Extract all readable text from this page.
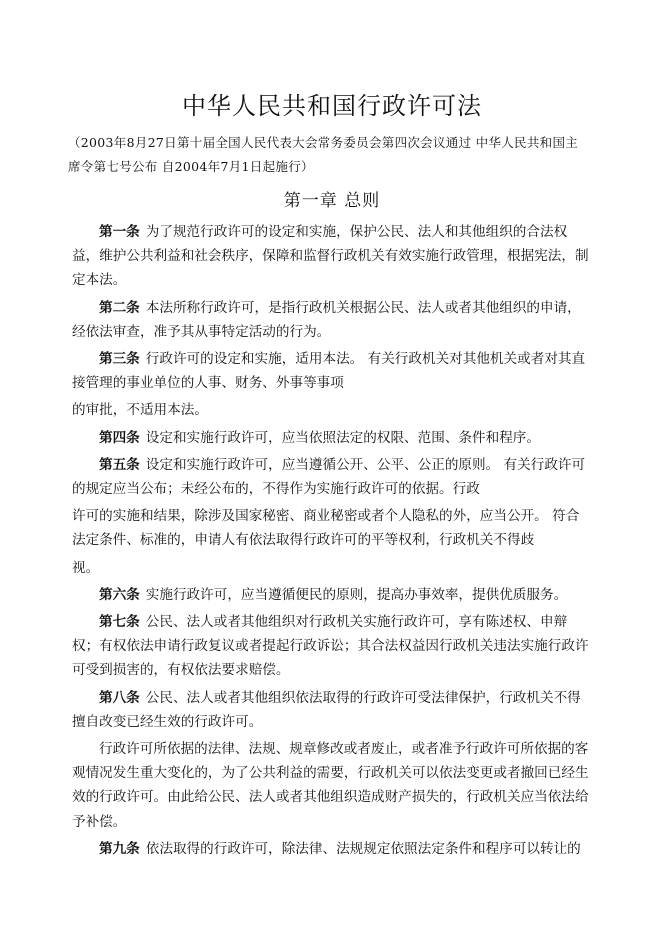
中华人民共和国行政许可法
（2003年8月27日第十届全国人民代表大会常务委员会第四次会议通过 中华人民共和国主席令第七号公布 自2004年7月1日起施行）
第一章 总则

第一条 为了规范行政许可的设定和实施，保护公民、法人和其他组织的合法权益，维护公共利益和社会秩序，保障和监督行政机关有效实施行政管理，根据宪法，制定本法。

第二条 本法所称行政许可，是指行政机关根据公民、法人或者其他组织的申请，经依法审查，准予其从事特定活动的行为。

第三条 行政许可的设定和实施，适用本法。 有关行政机关对其他机关或者对其直接管理的事业单位的人事、财务、外事等事项

的审批，不适用本法。

第四条 设定和实施行政许可，应当依照法定的权限、范围、条件和程序。

第五条 设定和实施行政许可，应当遵循公开、公平、公正的原则。 有关行政许可的规定应当公布；未经公布的，不得作为实施行政许可的依据。行政

许可的实施和结果，除涉及国家秘密、商业秘密或者个人隐私的外，应当公开。 符合法定条件、标准的，申请人有依法取得行政许可的平等权利，行政机关不得歧

视。

第六条 实施行政许可，应当遵循便民的原则，提高办事效率，提供优质服务。

第七条 公民、法人或者其他组织对行政机关实施行政许可，享有陈述权、申辩权；有权依法申请行政复议或者提起行政诉讼；其合法权益因行政机关违法实施行政许可受到损害的，有权依法要求赔偿。

第八条 公民、法人或者其他组织依法取得的行政许可受法律保护，行政机关不得擅自改变已经生效的行政许可。

行政许可所依据的法律、法规、规章修改或者废止，或者准予行政许可所依据的客观情况发生重大变化的，为了公共利益的需要，行政机关可以依法变更或者撤回已经生效的行政许可。由此给公民、法人或者其他组织造成财产损失的，行政机关应当依法给予补偿。

第九条 依法取得的行政许可，除法律、法规规定依照法定条件和程序可以转让的
